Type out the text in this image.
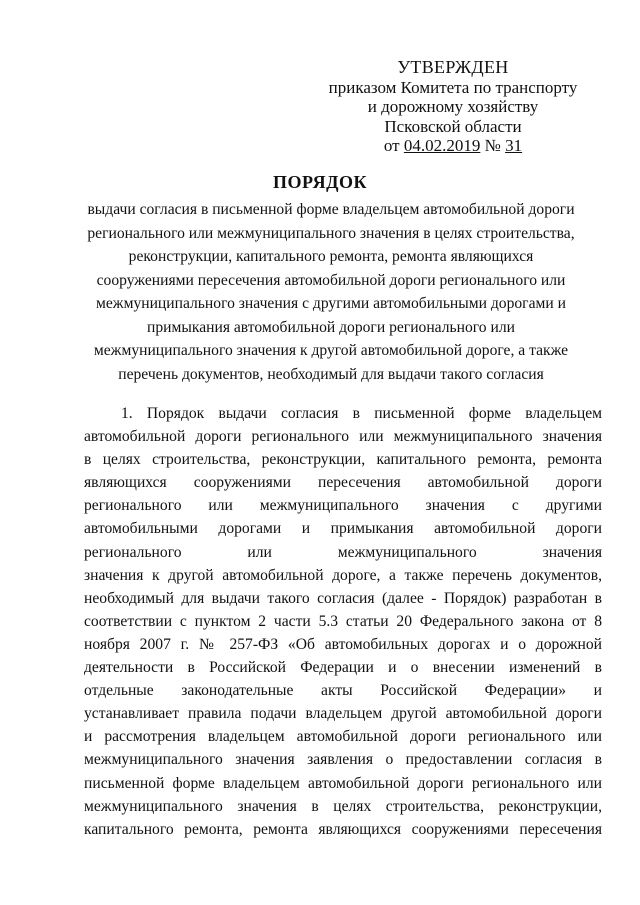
УТВЕРЖДЕН
приказом Комитета по транспорту
и дорожному хозяйству
Псковской области
от 04.02.2019 № 31
ПОРЯДОК
выдачи согласия в письменной форме владельцем автомобильной дороги
регионального или межмуниципального значения в целях строительства,
реконструкции, капитального ремонта, ремонта являющихся
сооружениями пересечения автомобильной дороги регионального или
межмуниципального значения с другими автомобильными дорогами и
примыкания автомобильной дороги регионального или
межмуниципального значения к другой автомобильной дороге, а также
перечень документов, необходимый для выдачи такого согласия
1. Порядок выдачи согласия в письменной форме владельцем
автомобильной дороги регионального или межмуниципального значения
в целях строительства, реконструкции, капитального ремонта, ремонта
являющихся сооружениями пересечения автомобильной дороги
регионального или межмуниципального значения с другими
автомобильными дорогами и примыкания автомобильной дороги
регионального или межмуниципального значения
значения к другой автомобильной дороге, а также перечень документов,
необходимый для выдачи такого согласия (далее - Порядок) разработан в
соответствии с пунктом 2 части 5.3 статьи 20 Федерального закона от 8
ноября 2007 г. № 257-ФЗ «Об автомобильных дорогах и о дорожной
деятельности в Российской Федерации и о внесении изменений в
отдельные законодательные акты Российской Федерации» и
устанавливает правила подачи владельцем другой автомобильной дороги
и рассмотрения владельцем автомобильной дороги регионального или
межмуниципального значения заявления о предоставлении согласия в
письменной форме владельцем автомобильной дороги регионального или
межмуниципального значения в целях строительства, реконструкции,
капитального ремонта, ремонта являющихся сооружениями пересечения
